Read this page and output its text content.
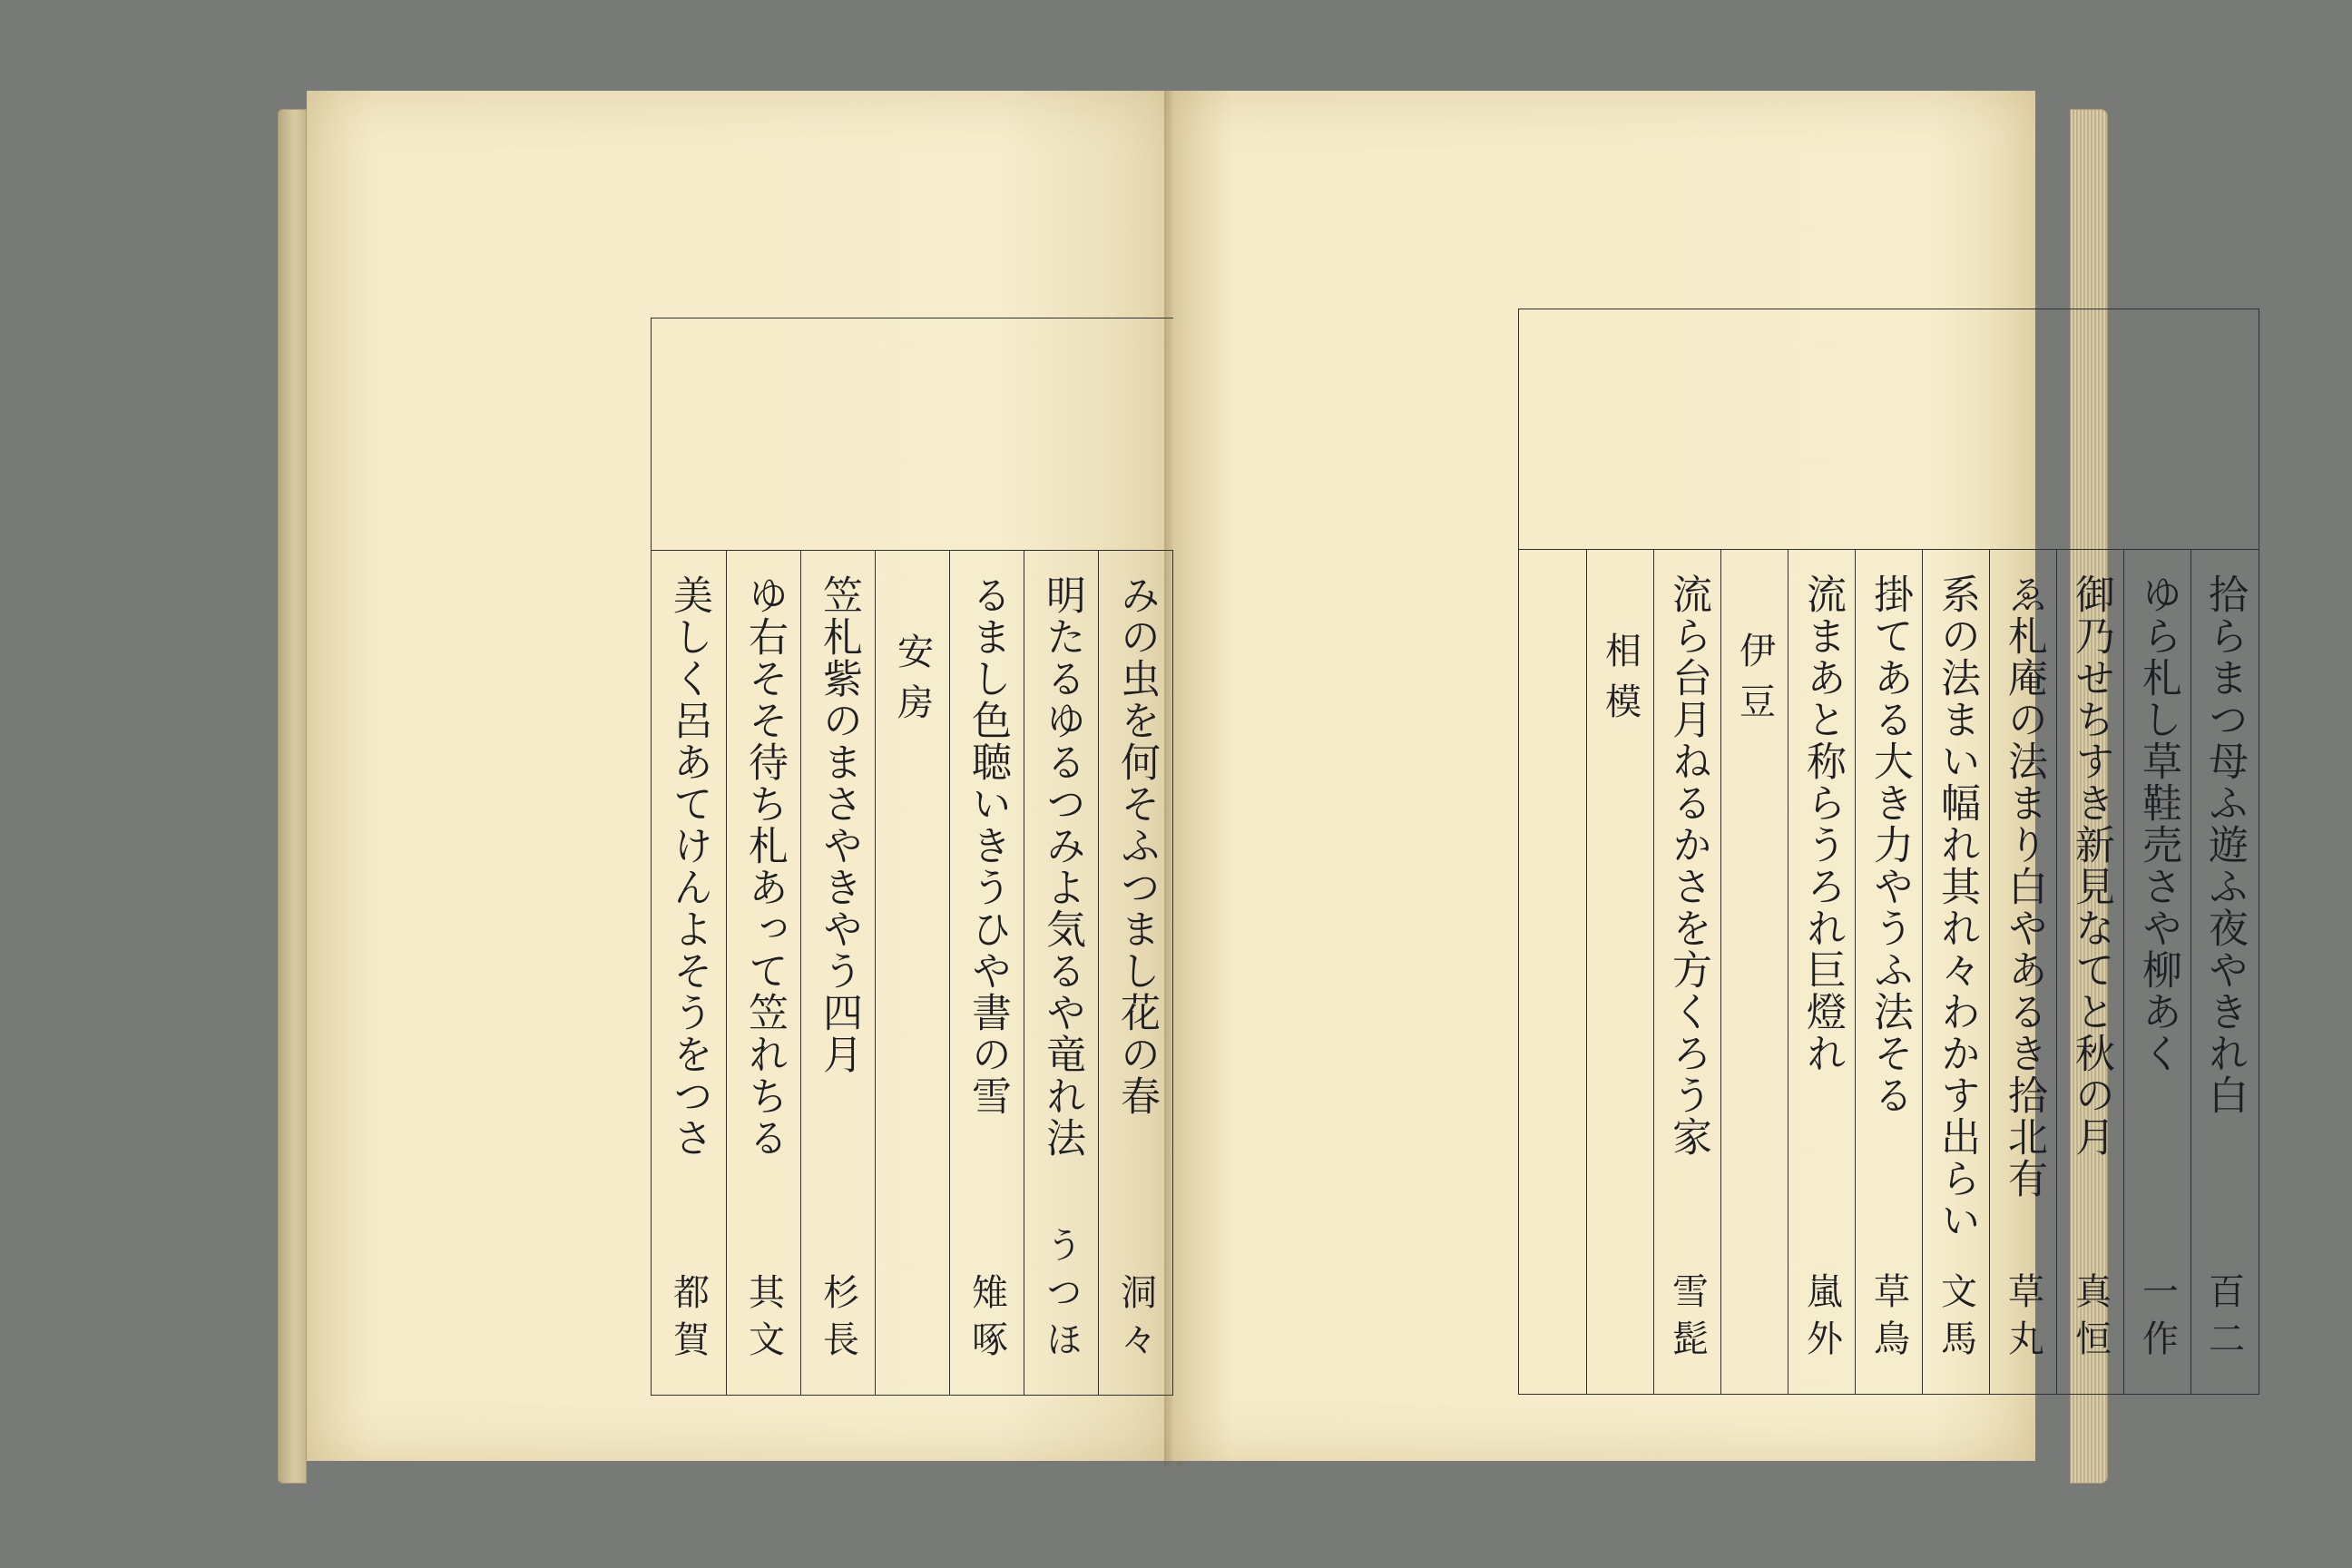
みの虫を何そふつまし花の春
洞々
明たるゆるつみよ気るや竜れ法
うつほ
るまし色聴いきうひや書の雪
雉啄
安房
笠札紫のまさやきやう四月
杉長
ゆ右そそ待ち札あって笠れちる
其文
美しく呂あてけんよそうをつさ
都賀
拾らまつ母ふ遊ふ夜やきれ白
百二
ゆら札し草鞋売さや柳あく
一作
御乃せちすき新見なてと秋の月
真恒
ゑ札庵の法まり白やあるき拾北有
草丸
系の法まい幅れ其れ々わかす出らい
文馬
掛てある大き力やうふ法そる
草鳥
流まあと称らうろれ巨燈れ
嵐外
伊豆
流ら台月ねるかさを方くろう家
雪髭
相模
